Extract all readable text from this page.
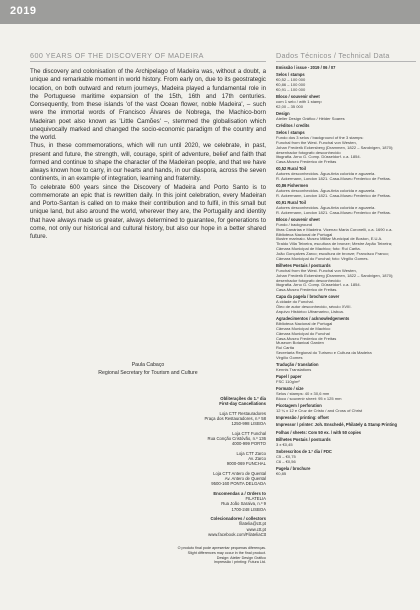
2019
600 YEARS OF THE DISCOVERY OF MADEIRA	Dados Técnicos / Technical Data

The discovery and colonisation of the Archipelago of Madeira was, without a doubt, a unique and remarkable moment in world history. From early on, due to its geostrategic location, on both outward and return journeys, Madeira played a fundamental role in the Portuguese maritime expansion of the 15th, 16th and 17th centuries. Consequently, from these islands 'of the vast Ocean flower, noble Madeira', – such were the immortal words of Francisco Álvares de Nobrega, the Machico-born Madeiran poet also known as 'Little Camões' –, stemmed the globalisation which unequivocally marked and changed the socio-economic paradigm of the country and the world.

Thus, in these commemorations, which will run until 2020, we celebrate, in past, present and future, the strength, will, courage, spirit of adventure, belief and faith that formed and continue to shape the character of the Madeiran people, and that we have always known how to carry, in our hearts and hands, in our diaspora, across the seven continents, in an example of integration, learning and fraternity.

To celebrate 600 years since the Discovery of Madeira and Porto Santo is to commemorate an epic that is rewritten daily. In this joint celebration, every Madeiran and Porto-Santan is called on to make their contribution and to fulfil, in this small but unique land, but also around the world, wherever they are, the Portugality and identity that have always made us greater, always determined to guarantee, for generations to come, not only our historical and cultural history, but also our hope in a better shared future.

Paula Cabaço
Regional Secretary for Tourism and Culture
Obliterações do 1.º dia
First-day Cancellations
Loja CTT Restauradores
Praça dos Restauradores, n.º 58
1250-998 LISBOA
Loja CTT Funchal
Rua Conção Cristóvão, n.º 136
4000-999 PORTO
Loja CTT Zarco
Av. Zarco
9000-069 FUNCHAL
Loja CTT Antero de Quental
Av. Antero de Quental
9500-160 PONTA DELGADA
Encomendas a / Orders to
FILATELIA
Rua João Saraiva, n.º 9
1700-248 LISBOA
Colecionadores / collectors
filatelia@ctt.pt
www.ctt.pt
www.facebook.com/FilateliaCtt
O produto final pode apresentar pequenas diferenças.
Slight differences may occur in the final product.
Design: Atelier Design Gráfico
Impressão / printing: Futura Ltd.
Emissão / issue - 2019 / 06 / 07
Selos / stamps
€0,52 – 100 000
€0,86 – 100 000
€0,91 – 100 000
Bloco / souvenir sheet
com 1 selo / with 1 stamp
€2,00 – 35 000
Design
Atelier Design Gráfico / Hélder Soares
Créditos / credits
Selos / stamps
Fundo dos 3 selos / background of the 3 stamps:
Funchal from the West. Funchal von Westen,
Johan Frederik Eckersberg (Drammen, 1822 – Sandvigen, 1870);
desenhador fotografo desconhecido
litografia. Arno G. Comp. Düsseldorf. c.a. 1854.
Casa-Museu Frederico de Freitas
€0,52 Rural Toil
Autores desconhecidos. Água-tinta colorida e aguarela.
R. Ackermann, London 1821. Casa-Museu Frederico de Freitas.
€0,86 Fishermen
Autores desconhecidos. Água-tinta colorida e aguarela.
R. Ackermann, London 1821. Casa-Museu Frederico de Freitas.
€0,91 Rural Toil
Autores desconhecidos. Água-tinta colorida e aguarela.
R. Ackermann, London 1821. Casa-Museu Frederico de Freitas.
Bloco / souvenir sheet
Fundo / background
Ilhas Canárias e Madeira. Vicenzo Maria Coronelli, c.a. 1690 c.a.
Biblioteca Nacional de Portugal
Illustre marinaio. Museu Militar Municipal de Boston, E.U.A.
Tiraldo Villa Teixeira, escultura de bronze; Mestre Arpão Teixeira;
Câmara Municipal de Machico; foto: Rui Carita.
João Gonçalves Zarco; escultura de bronze; Francisco Franco;
Câmara Municipal do Funchal; foto: Virgílio Gomes.
Bilhetes Postais / postcards
Funchal from the West. Funchal von Westen,
Johan Frederik Eckersberg (Drammen, 1822 – Sandvigen, 1870);
desenhador fotografo desconhecido
litografia. Arno G. Comp. Düsseldorf. c.a. 1854.
Casa-Museu Frederico de Freitas.
Capa da pagela / brochure cover
A cidade do Funchal.
Óleo de autor desconhecido, século XVIII.
Arquivo Histórico Ultramarino, Lisboa.
Agradecimentos / acknowledgements
Biblioteca Nacional de Portugal
Câmara Municipal de Machico
Câmara Municipal do Funchal
Casa-Museu Frederico de Freitas
Museum Botanical Garden
Rui Carita
Secretaria Regional do Turismo e Cultura da Madeira
Virgílio Gomes
Tradução / translation
Kennis Translations
Papel / paper
FSC 110g/m²
Formato / size
Selos / stamps: 40 x 30,6 mm
Bloco / souvenir sheet: 95 x 125 mm
Picotagem / perforation
12 ¼ x 12 e Cruz de Cristo / and Cross of Christ
Impressão / printing: offset
Impressor / printer: Joh. Enschedé, Philately & Stamp Printing
Folhas / sheets: Com 50 ex. / with 50 copies
Bilhetes Postais / postcards
3 x €0,45
Sobrescritos de 1.º dia / FDC
C5 – €0,75
C6 – €0,56
Pagela / brochure
€0,85
